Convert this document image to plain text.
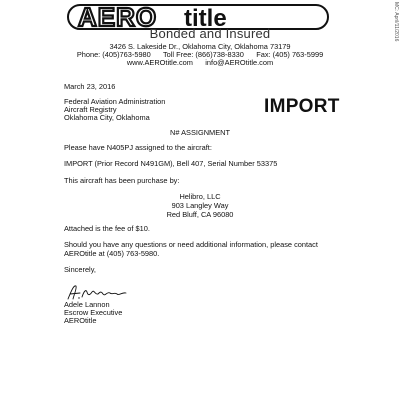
AERO title
Bonded and Insured	MC: April/11/2016
3426 S. Lakeside Dr., Oklahoma City, Oklahoma 73179
Phone: (405)763-5980      Toll Free: (866)738-8330      Fax: (405) 763-5999
www.AEROtitle.com      info@AEROtitle.com
March 23, 2016
Federal Aviation Administration
Aircraft Registry
Oklahoma City, Oklahoma
IMPORT
N# ASSIGNMENT
Please have N405PJ assigned to the aircraft:
IMPORT (Prior Record N491GM), Bell 407, Serial Number 53375
This aircraft has been purchase by:
Helibro, LLC
903 Langley Way
Red Bluff, CA 96080
Attached is the fee of $10.
Should you have any questions or need additional information, please contact
AEROtitle at (405) 763-5980.
Sincerely,
Adele Lannon
Escrow Executive
AEROtitle
